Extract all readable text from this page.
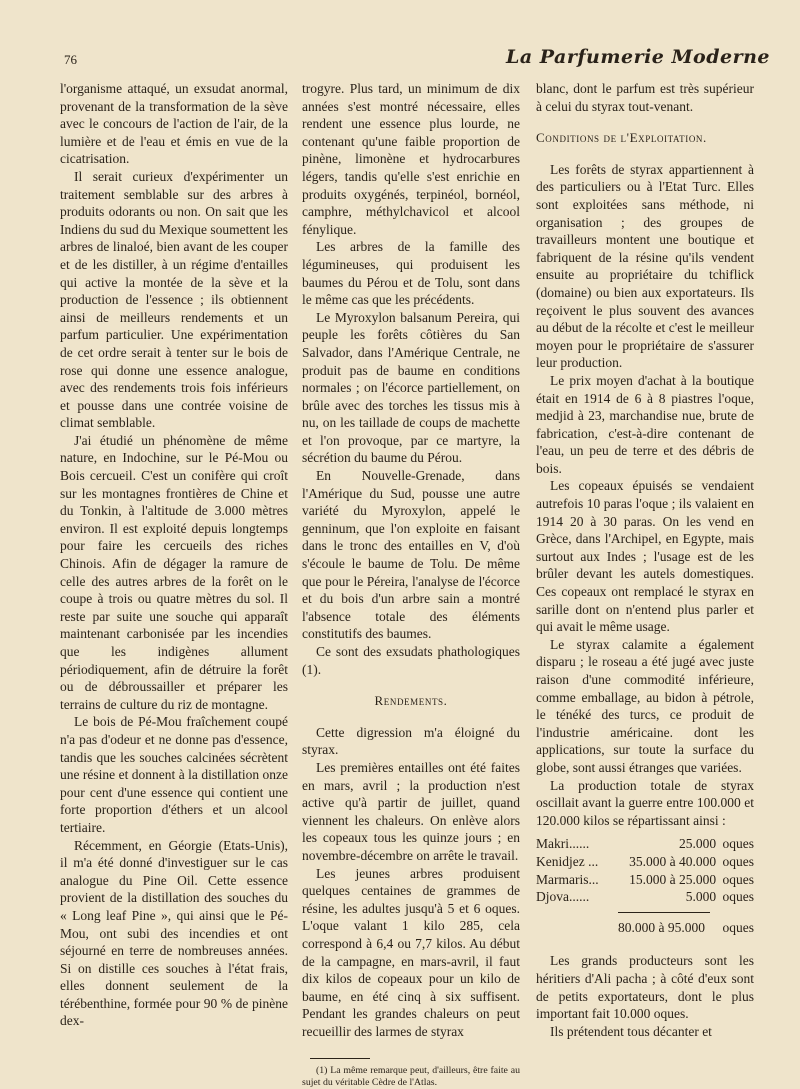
76	La Parfumerie Moderne

l'organisme attaqué, un exsudat anormal, provenant de la transformation de la sève avec le concours de l'action de l'air, de la lumière et de l'eau et émis en vue de la cicatrisation.

Il serait curieux d'expérimenter un traitement semblable sur des arbres à produits odorants ou non. On sait que les Indiens du sud du Mexique soumettent les arbres de linaloé, bien avant de les couper et de les distiller, à un régime d'entailles qui active la montée de la sève et la production de l'essence ; ils obtiennent ainsi de meilleurs rendements et un parfum particulier. Une expérimentation de cet ordre serait à tenter sur le bois de rose qui donne une essence analogue, avec des rendements trois fois inférieurs et pousse dans une contrée voisine de climat semblable.

J'ai étudié un phénomène de même nature, en Indochine, sur le Pé-Mou ou Bois cercueil. C'est un conifère qui croît sur les montagnes frontières de Chine et du Tonkin, à l'altitude de 3.000 mètres environ. Il est exploité depuis longtemps pour faire les cercueils des riches Chinois. Afin de dégager la ramure de celle des autres arbres de la forêt on le coupe à trois ou quatre mètres du sol. Il reste par suite une souche qui apparaît maintenant carbonisée par les incendies que les indigènes allument périodiquement, afin de détruire la forêt ou de débroussailler et préparer les terrains de culture du riz de montagne.

Le bois de Pé-Mou fraîchement coupé n'a pas d'odeur et ne donne pas d'essence, tandis que les souches calcinées sécrètent une résine et donnent à la distillation onze pour cent d'une essence qui contient une forte proportion d'éthers et un alcool tertiaire.

Récemment, en Géorgie (Etats-Unis), il m'a été donné d'investiguer sur le cas analogue du Pine Oil. Cette essence provient de la distillation des souches du « Long leaf Pine », qui ainsi que le Pé-Mou, ont subi des incendies et ont séjourné en terre de nombreuses années. Si on distille ces souches à l'état frais, elles donnent seulement de la térébenthine, formée pour 90 % de pinène dex-

trogyre. Plus tard, un minimum de dix années s'est montré nécessaire, elles rendent une essence plus lourde, ne contenant qu'une faible proportion de pinène, limonène et hydrocarbures légers, tandis qu'elle s'est enrichie en produits oxygénés, terpinéol, bornéol, camphre, méthylchavicol et alcool fénylique.

Les arbres de la famille des légumineuses, qui produisent les baumes du Pérou et de Tolu, sont dans le même cas que les précédents.

Le Myroxylon balsanum Pereira, qui peuple les forêts côtières du San Salvador, dans l'Amérique Centrale, ne produit pas de baume en conditions normales ; on l'écorce partiellement, on brûle avec des torches les tissus mis à nu, on les taillade de coups de machette et l'on provoque, par ce martyre, la sécrétion du baume du Pérou.

En Nouvelle-Grenade, dans l'Amérique du Sud, pousse une autre variété du Myroxylon, appelé le genninum, que l'on exploite en faisant dans le tronc des entailles en V, d'où s'écoule le baume de Tolu. De même que pour le Péreira, l'analyse de l'écorce et du bois d'un arbre sain a montré l'absence totale des éléments constitutifs des baumes.

Ce sont des exsudats phathologiques (1).

Rendements.

Cette digression m'a éloigné du styrax.

Les premières entailles ont été faites en mars, avril ; la production n'est active qu'à partir de juillet, quand viennent les chaleurs. On enlève alors les copeaux tous les quinze jours ; en novembre-décembre on arrête le travail.

Les jeunes arbres produisent quelques centaines de grammes de résine, les adultes jusqu'à 5 et 6 oques. L'oque valant 1 kilo 285, cela correspond à 6,4 ou 7,7 kilos. Au début de la campagne, en mars-avril, il faut dix kilos de copeaux pour un kilo de baume, en été cinq à six suffisent. Pendant les grandes chaleurs on peut recueillir des larmes de styrax

(1) La même remarque peut, d'ailleurs, être faite au sujet du véritable Cèdre de l'Atlas.

blanc, dont le parfum est très supérieur à celui du styrax tout-venant.

Conditions de l'Exploitation.

Les forêts de styrax appartiennent à des particuliers ou à l'Etat Turc. Elles sont exploitées sans méthode, ni organisation ; des groupes de travailleurs montent une boutique et fabriquent de la résine qu'ils vendent ensuite au propriétaire du tchiflick (domaine) ou bien aux exportateurs. Ils reçoivent le plus souvent des avances au début de la récolte et c'est le meilleur moyen pour le propriétaire de s'assurer leur production.

Le prix moyen d'achat à la boutique était en 1914 de 6 à 8 piastres l'oque, medjid à 23, marchandise nue, brute de fabrication, c'est-à-dire contenant de l'eau, un peu de terre et des débris de bois.

Les copeaux épuisés se vendaient autrefois 10 paras l'oque ; ils valaient en 1914 20 à 30 paras. On les vend en Grèce, dans l'Archipel, en Egypte, mais surtout aux Indes ; l'usage est de les brûler devant les autels domestiques. Ces copeaux ont remplacé le styrax en sarille dont on n'entend plus parler et qui avait le même usage.

Le styrax calamite a également disparu ; le roseau a été jugé avec juste raison d'une commodité inférieure, comme emballage, au bidon à pétrole, le ténéké des turcs, ce produit de l'industrie américaine. dont les applications, sur toute la surface du globe, sont aussi étranges que variées.

La production totale de styrax oscillait avant la guerre entre 100.000 et 120.000 kilos se répartissant ainsi :

Makri......	25.000	oques
Kenidjez ...	35.000 à 40.000	oques
Marmaris...	15.000 à 25.000	oques
Djova......	5.000	oques
80.000 à 95.000 oques

Les grands producteurs sont les héritiers d'Ali pacha ; à côté d'eux sont de petits exportateurs, dont le plus important fait 10.000 oques.

Ils prétendent tous décanter et
